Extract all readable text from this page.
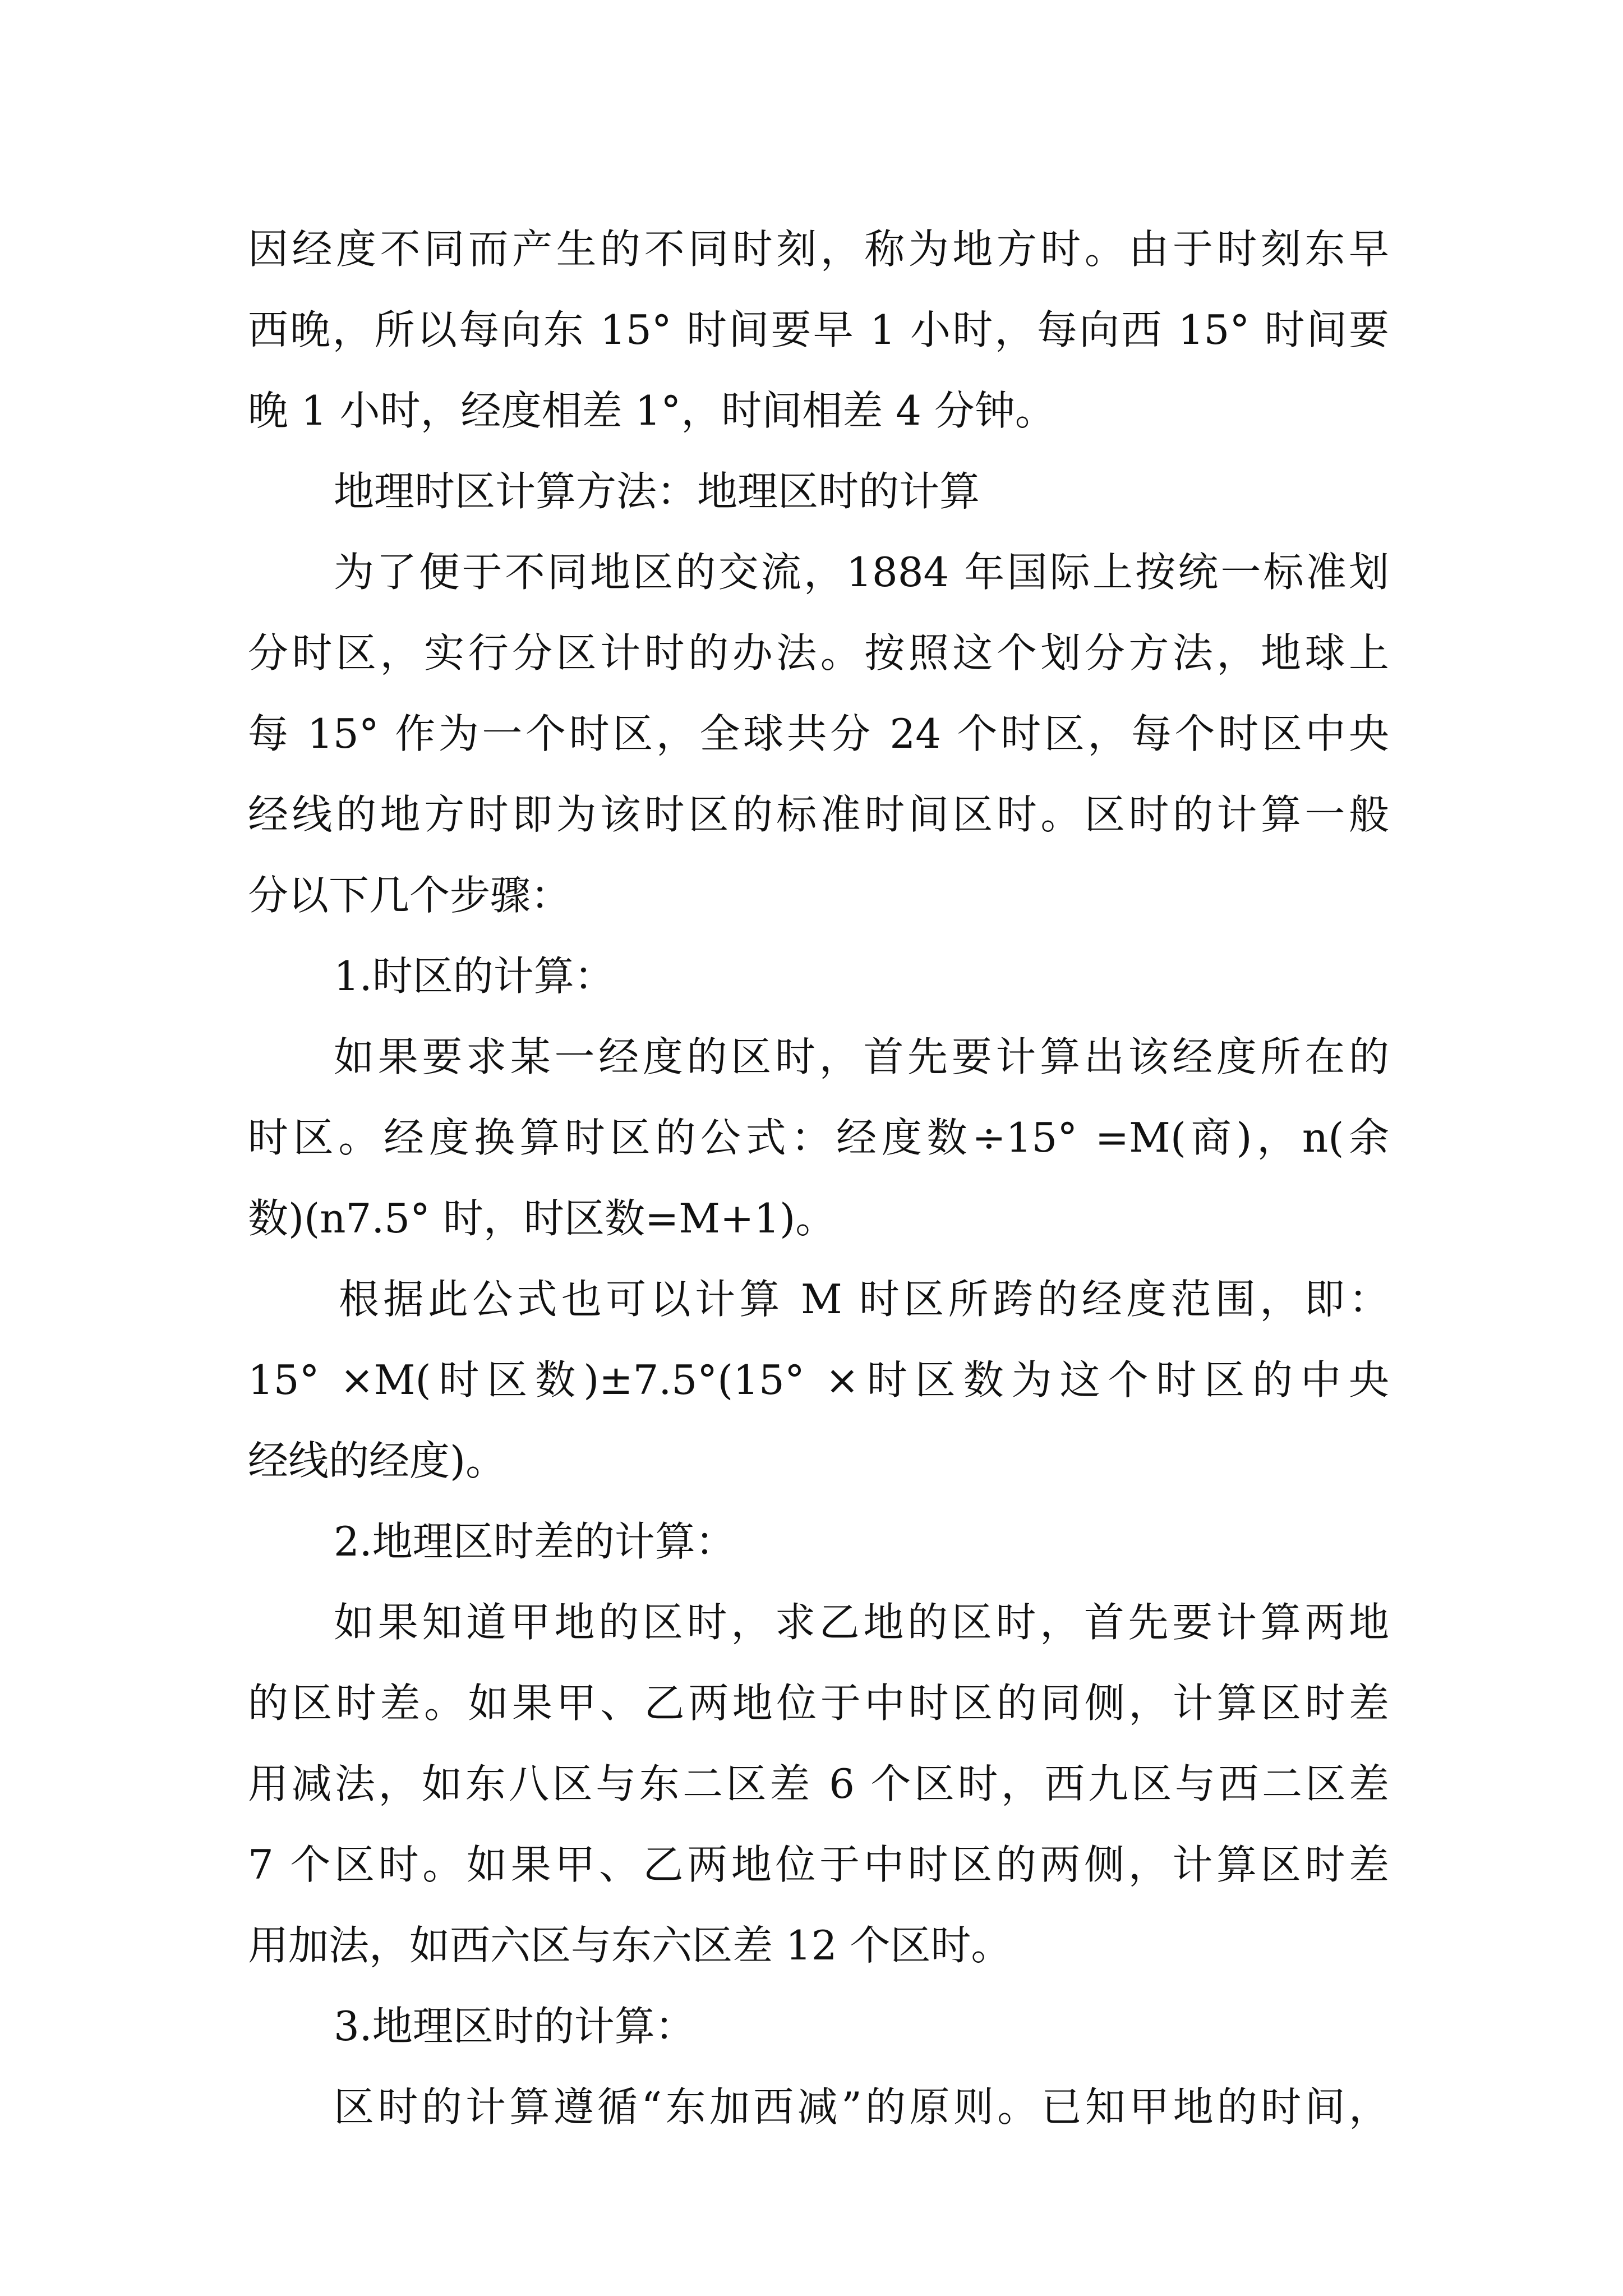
因经度不同而产生的不同时刻，称为地方时。由于时刻东早
西晚，所以每向东 15° 时间要早 1 小时，每向西 15° 时间要
晚 1 小时，经度相差 1°，时间相差 4 分钟。
地理时区计算方法：地理区时的计算
为了便于不同地区的交流，1884 年国际上按统一标准划
分时区，实行分区计时的办法。按照这个划分方法，地球上
每 15° 作为一个时区，全球共分 24 个时区，每个时区中央
经线的地方时即为该时区的标准时间区时。区时的计算一般
分以下几个步骤：
1.时区的计算：
如果要求某一经度的区时，首先要计算出该经度所在的
时区。经度换算时区的公式：经度数÷15° =M(商)，n(余
数)(n7.5° 时，时区数=M+1)。
根据此公式也可以计算 M 时区所跨的经度范围，即：
15° ×M(时区数)±7.5°(15° ×时区数为这个时区的中央
经线的经度)。
2.地理区时差的计算：
如果知道甲地的区时，求乙地的区时，首先要计算两地
的区时差。如果甲、乙两地位于中时区的同侧，计算区时差
用减法，如东八区与东二区差 6 个区时，西九区与西二区差
7 个区时。如果甲、乙两地位于中时区的两侧，计算区时差
用加法，如西六区与东六区差 12 个区时。
3.地理区时的计算：
区时的计算遵循“东加西减”的原则。已知甲地的时间，
